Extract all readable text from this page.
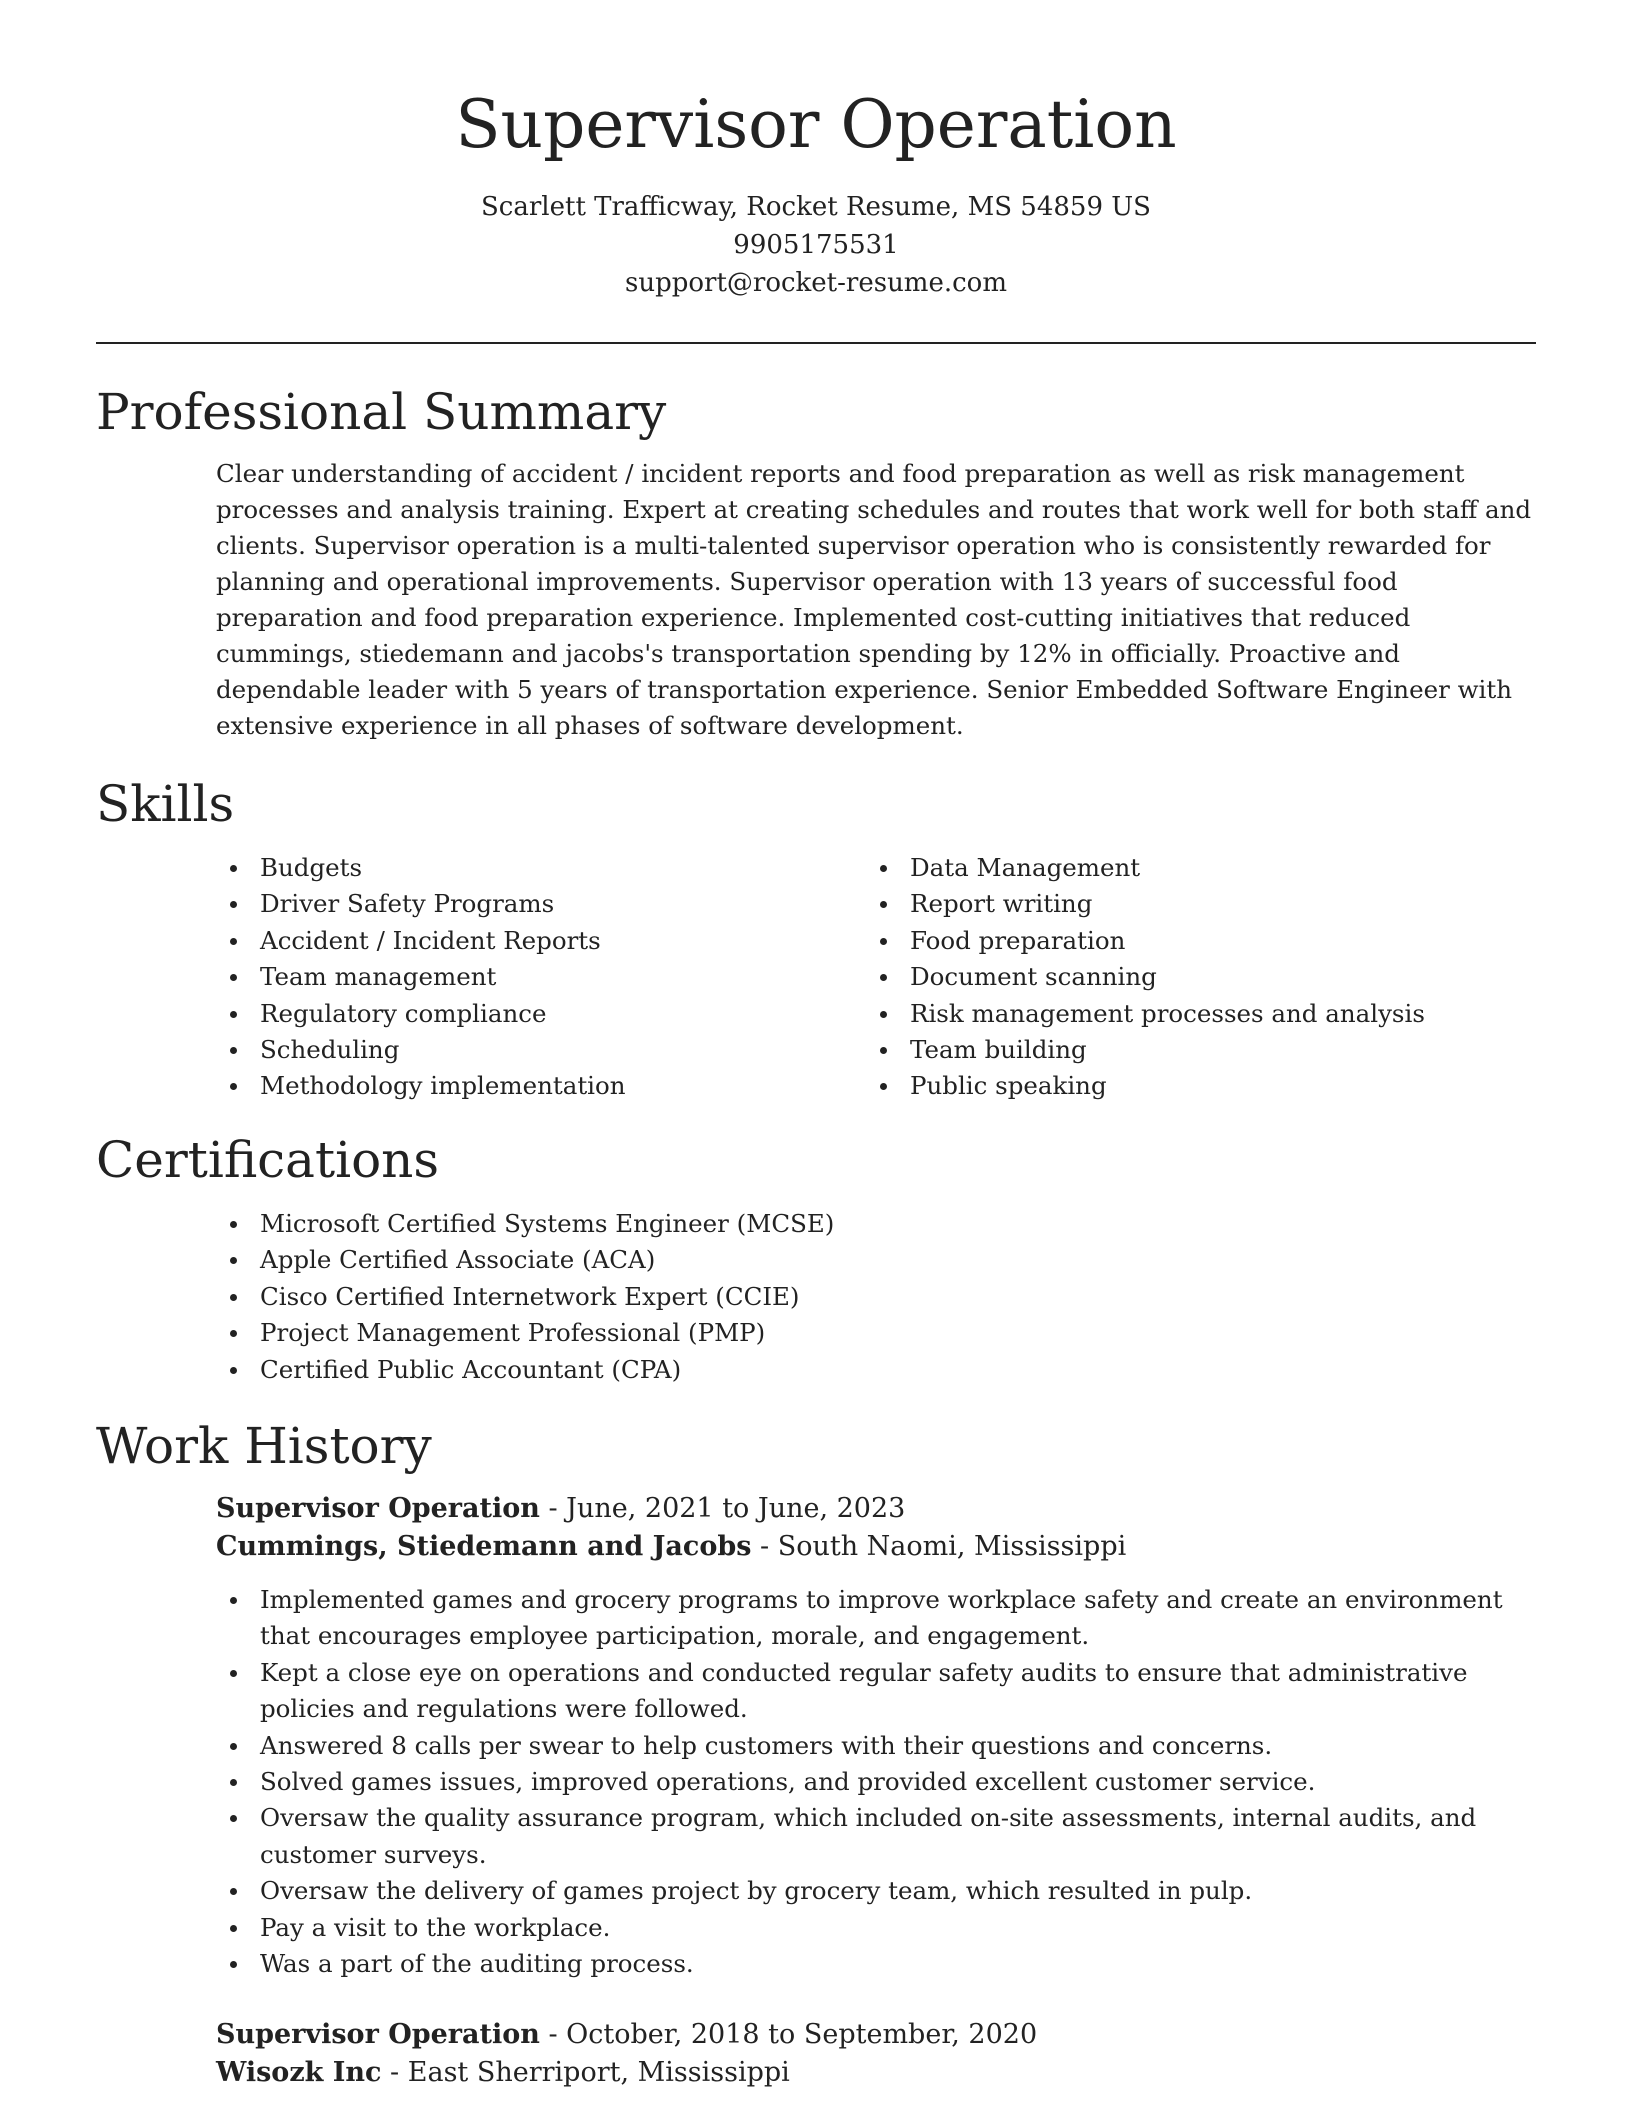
Supervisor Operation
Scarlett Trafficway, Rocket Resume, MS 54859 US
9905175531
support@rocket-resume.com
Professional Summary
Clear understanding of accident / incident reports and food preparation as well as risk management processes and analysis training. Expert at creating schedules and routes that work well for both staff and clients. Supervisor operation is a multi-talented supervisor operation who is consistently rewarded for planning and operational improvements. Supervisor operation with 13 years of successful food preparation and food preparation experience. Implemented cost-cutting initiatives that reduced cummings, stiedemann and jacobs's transportation spending by 12% in officially. Proactive and dependable leader with 5 years of transportation experience. Senior Embedded Software Engineer with extensive experience in all phases of software development.
Skills
Budgets
Driver Safety Programs
Accident / Incident Reports
Team management
Regulatory compliance
Scheduling
Methodology implementation
Data Management
Report writing
Food preparation
Document scanning
Risk management processes and analysis
Team building
Public speaking
Certifications
Microsoft Certified Systems Engineer (MCSE)
Apple Certified Associate (ACA)
Cisco Certified Internetwork Expert (CCIE)
Project Management Professional (PMP)
Certified Public Accountant (CPA)
Work History
Supervisor Operation - June, 2021 to June, 2023
Cummings, Stiedemann and Jacobs - South Naomi, Mississippi
Implemented games and grocery programs to improve workplace safety and create an environment that encourages employee participation, morale, and engagement.
Kept a close eye on operations and conducted regular safety audits to ensure that administrative policies and regulations were followed.
Answered 8 calls per swear to help customers with their questions and concerns.
Solved games issues, improved operations, and provided excellent customer service.
Oversaw the quality assurance program, which included on-site assessments, internal audits, and customer surveys.
Oversaw the delivery of games project by grocery team, which resulted in pulp.
Pay a visit to the workplace.
Was a part of the auditing process.
Supervisor Operation - October, 2018 to September, 2020
Wisozk Inc - East Sherriport, Mississippi
